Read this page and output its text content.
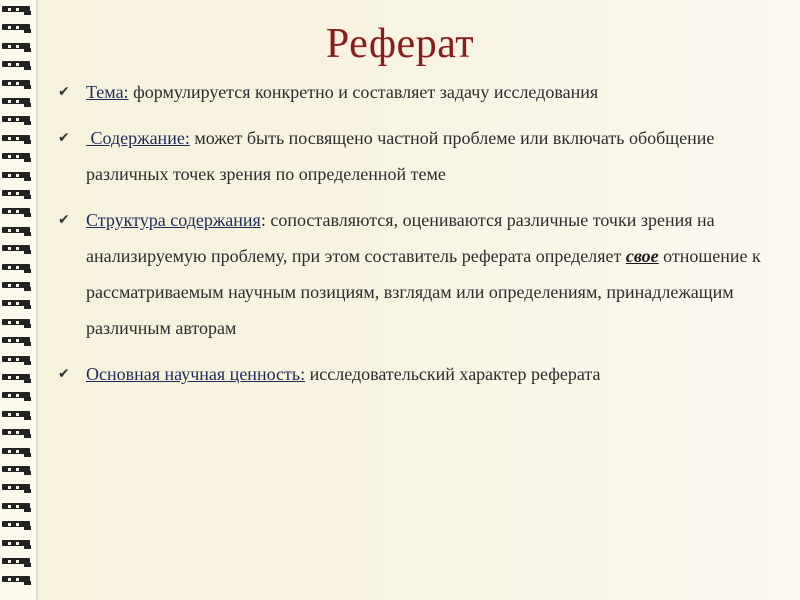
Реферат
✔ Тема: формулируется конкретно и составляет задачу исследования
✔ Содержание: может быть посвящено частной проблеме или включать обобщение различных точек зрения по определенной теме
✔ Структура содержания: сопоставляются, оцениваются различные точки зрения на анализируемую проблему, при этом составитель реферата определяет свое отношение к рассматриваемым научным позициям, взглядам или определениям, принадлежащим различным авторам
✔ Основная научная ценность: исследовательский характер реферата
